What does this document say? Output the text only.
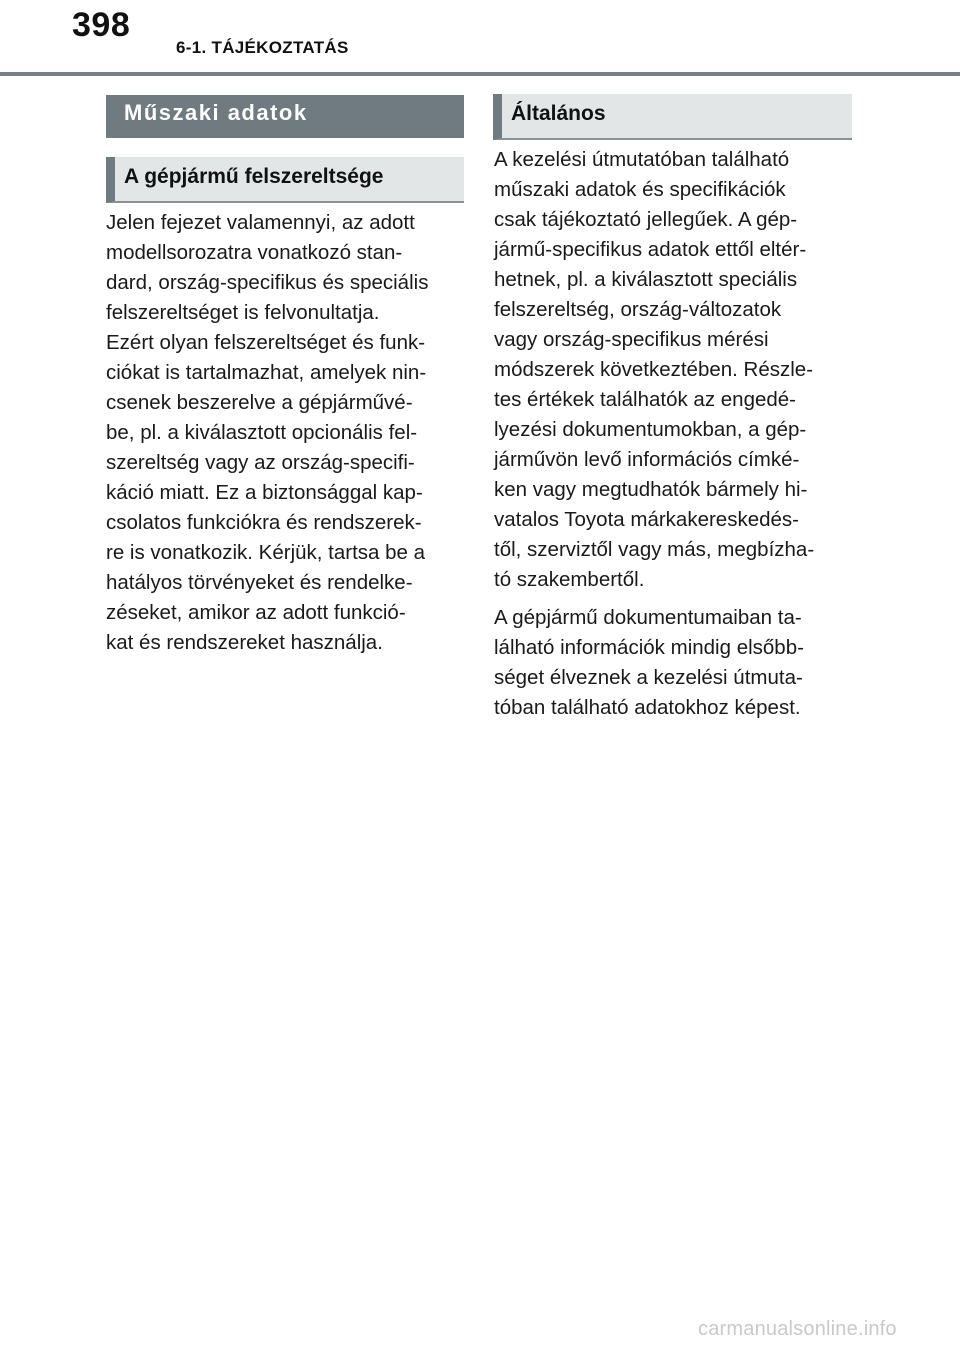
398
6-1. TÁJÉKOZTATÁS
Műszaki adatok
A gépjármű felszereltsége
Jelen fejezet valamennyi, az adott
modellsorozatra vonatkozó stan-
dard, ország-specifikus és speciális
felszereltséget is felvonultatja.
Ezért olyan felszereltséget és funk-
ciókat is tartalmazhat, amelyek nin-
csenek beszerelve a gépjárművé-
be, pl. a kiválasztott opcionális fel-
szereltség vagy az ország-specifi-
káció miatt. Ez a biztonsággal kap-
csolatos funkciókra és rendszerek-
re is vonatkozik. Kérjük, tartsa be a
hatályos törvényeket és rendelke-
zéseket, amikor az adott funkció-
kat és rendszereket használja.
Általános
A kezelési útmutatóban található
műszaki adatok és specifikációk
csak tájékoztató jellegűek. A gép-
jármű-specifikus adatok ettől eltér-
hetnek, pl. a kiválasztott speciális
felszereltség, ország-változatok
vagy ország-specifikus mérési
módszerek következtében. Részle-
tes értékek találhatók az engedé-
lyezési dokumentumokban, a gép-
járművön levő információs címké-
ken vagy megtudhatók bármely hi-
vatalos Toyota márkakereskedés-
től, szerviztől vagy más, megbízha-
tó szakembertől.
A gépjármű dokumentumaiban ta-
lálható információk mindig elsőbb-
séget élveznek a kezelési útmuta-
tóban található adatokhoz képest.
carmanualsonline.info
